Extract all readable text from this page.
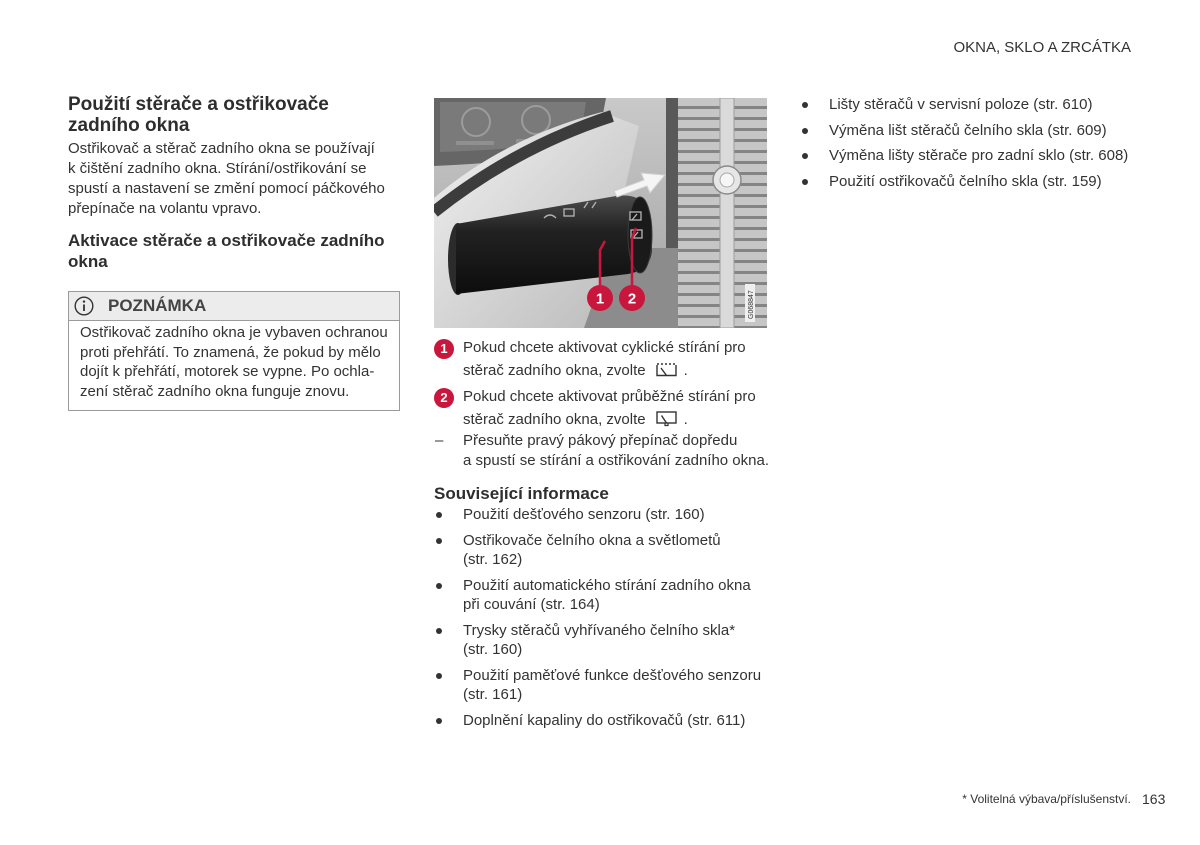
OKNA, SKLO A ZRCÁTKA
Použití stěrače a ostřikovače
zadního okna

Ostřikovač a stěrač zadního okna se používají
k čištění zadního okna. Stírání/ostřikování se
spustí a nastavení se změní pomocí páčkového
přepínače na volantu vpravo.

Aktivace stěrače a ostřikovače zadního
okna
POZNÁMKA
Ostřikovač zadního okna je vybaven ochranou
proti přehřátí. To znamená, že pokud by mělo
dojít k přehřátí, motorek se vypne. Po ochla-
zení stěrač zadního okna funguje znovu.
1 2	G068847
1	Pokud chcete aktivovat cyklické stírání pro
stěrač zadního okna, zvolte	.
2	Pokud chcete aktivovat průběžné stírání pro
stěrač zadního okna, zvolte	.
– Přesuňte pravý pákový přepínač dopředu
a spustí se stírání a ostřikování zadního okna.
Související informace
Použití dešťového senzoru (str. 160)
Ostřikovače čelního okna a světlometů
(str. 162)
Použití automatického stírání zadního okna
při couvání (str. 164)
Trysky stěračů vyhřívaného čelního skla*
(str. 160)
Použití paměťové funkce dešťového senzoru
(str. 161)
Doplnění kapaliny do ostřikovačů (str. 611)
Lišty stěračů v servisní poloze (str. 610)
Výměna lišt stěračů čelního skla (str. 609)
Výměna lišty stěrače pro zadní sklo (str. 608)
Použití ostřikovačů čelního skla (str. 159)
* Volitelná výbava/příslušenství. 163
